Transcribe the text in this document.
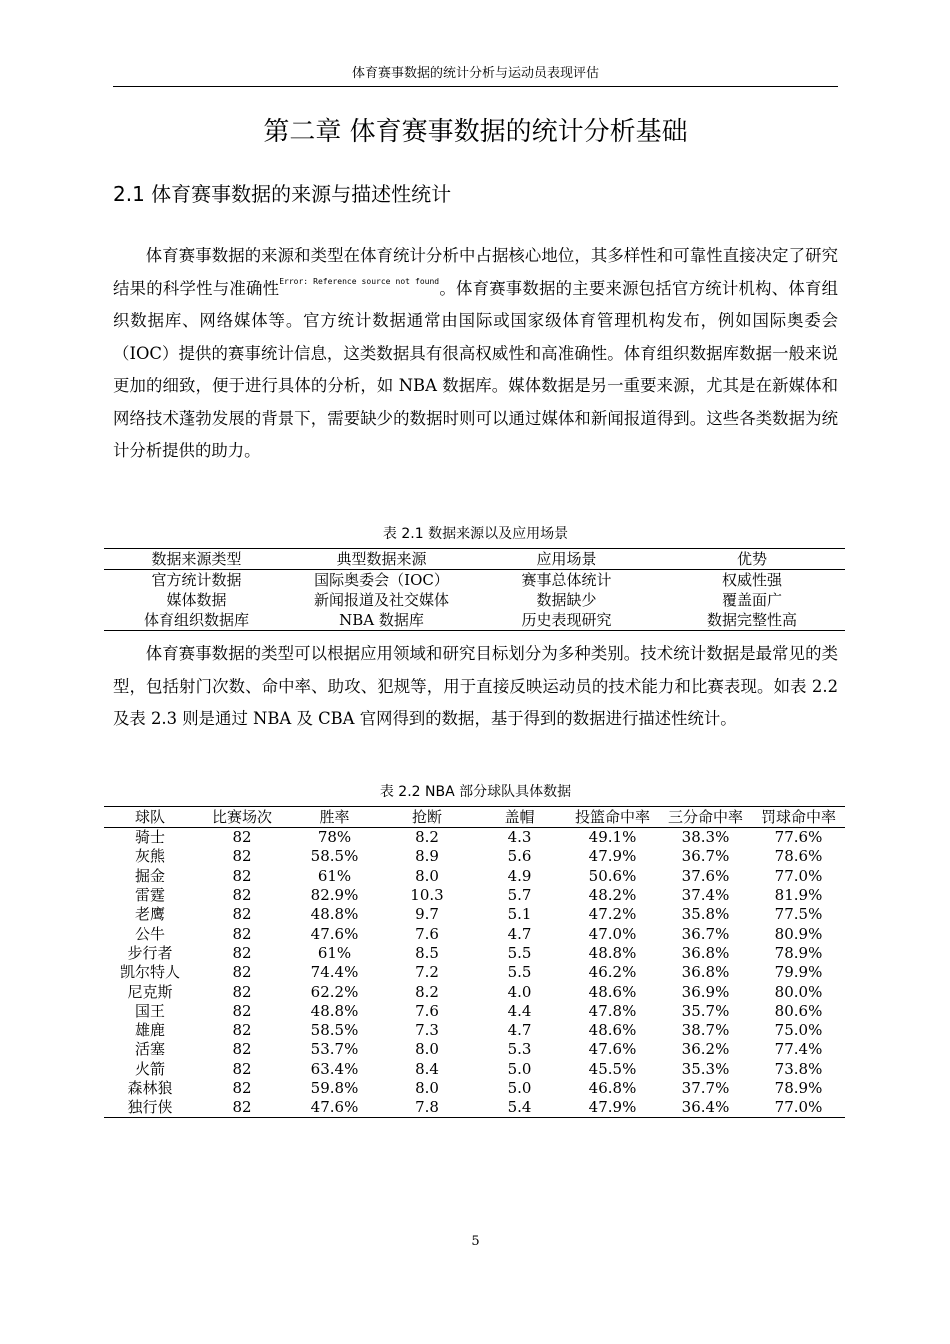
体育赛事数据的统计分析与运动员表现评估
第二章 体育赛事数据的统计分析基础
2.1 体育赛事数据的来源与描述性统计

体育赛事数据的来源和类型在体育统计分析中占据核心地位，其多样性和可靠性直接决定了研究结果的科学性与准确性$^{Error: Reference source not found}$。体育赛事数据的主要来源包括官方统计机构、体育组织数据库、网络媒体等。官方统计数据通常由国际或国家级体育管理机构发布，例如国际奥委会（IOC）提供的赛事统计信息，这类数据具有很高权威性和高准确性。体育组织数据库数据一般来说更加的细致，便于进行具体的分析，如 NBA 数据库。媒体数据是另一重要来源，尤其是在新媒体和网络技术蓬勃发展的背景下，需要缺少的数据时则可以通过媒体和新闻报道得到。这些各类数据为统计分析提供的助力。

表 2.1 数据来源以及应用场景
数据来源类型	典型数据来源	应用场景	优势
官方统计数据	国际奥委会（IOC）	赛事总体统计	权威性强
媒体数据	新闻报道及社交媒体	数据缺少	覆盖面广
体育组织数据库	NBA 数据库	历史表现研究	数据完整性高

体育赛事数据的类型可以根据应用领域和研究目标划分为多种类别。技术统计数据是最常见的类型，包括射门次数、命中率、助攻、犯规等，用于直接反映运动员的技术能力和比赛表现。如表 2.2 及表 2.3 则是通过 NBA 及 CBA 官网得到的数据，基于得到的数据进行描述性统计。

表 2.2 NBA 部分球队具体数据
球队	比赛场次	胜率	抢断	盖帽	投篮命中率	三分命中率	罚球命中率
骑士	82	78%	8.2	4.3	49.1%	38.3%	77.6%
灰熊	82	58.5%	8.9	5.6	47.9%	36.7%	78.6%
掘金	82	61%	8.0	4.9	50.6%	37.6%	77.0%
雷霆	82	82.9%	10.3	5.7	48.2%	37.4%	81.9%
老鹰	82	48.8%	9.7	5.1	47.2%	35.8%	77.5%
公牛	82	47.6%	7.6	4.7	47.0%	36.7%	80.9%
步行者	82	61%	8.5	5.5	48.8%	36.8%	78.9%
凯尔特人	82	74.4%	7.2	5.5	46.2%	36.8%	79.9%
尼克斯	82	62.2%	8.2	4.0	48.6%	36.9%	80.0%
国王	82	48.8%	7.6	4.4	47.8%	35.7%	80.6%
雄鹿	82	58.5%	7.3	4.7	48.6%	38.7%	75.0%
活塞	82	53.7%	8.0	5.3	47.6%	36.2%	77.4%
火箭	82	63.4%	8.4	5.0	45.5%	35.3%	73.8%
森林狼	82	59.8%	8.0	5.0	46.8%	37.7%	78.9%
独行侠	82	47.6%	7.8	5.4	47.9%	36.4%	77.0%
5
